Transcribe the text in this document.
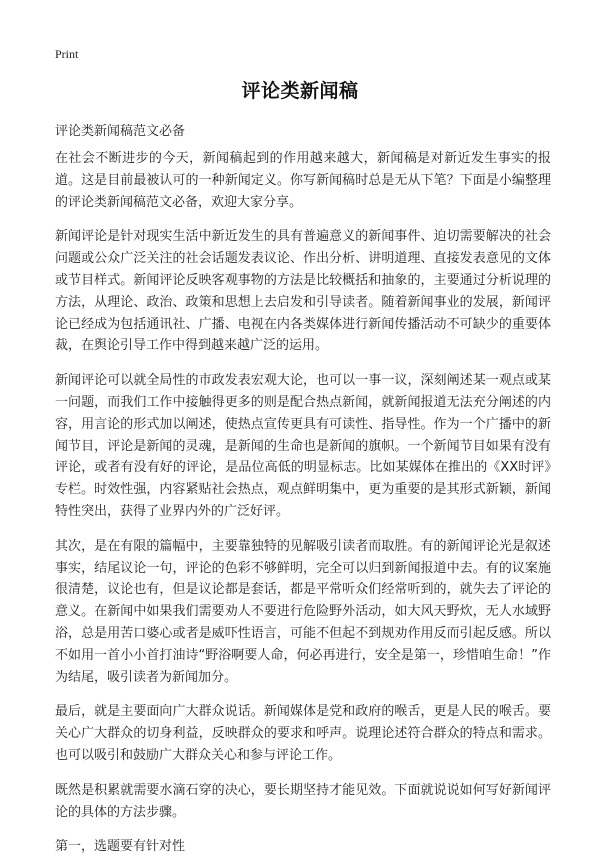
Print
评论类新闻稿

评论类新闻稿范文必备

在社会不断进步的今天，新闻稿起到的作用越来越大，新闻稿是对新近发生事实的报道。这是目前最被认可的一种新闻定义。你写新闻稿时总是无从下笔？下面是小编整理的评论类新闻稿范文必备，欢迎大家分享。

新闻评论是针对现实生活中新近发生的具有普遍意义的新闻事件、迫切需要解决的社会问题或公众广泛关注的社会话题发表议论、作出分析、讲明道理、直接发表意见的文体或节目样式。新闻评论反映客观事物的方法是比较概括和抽象的，主要通过分析说理的方法，从理论、政治、政策和思想上去启发和引导读者。随着新闻事业的发展，新闻评论已经成为包括通讯社、广播、电视在内各类媒体进行新闻传播活动不可缺少的重要体裁，在舆论引导工作中得到越来越广泛的运用。

新闻评论可以就全局性的市政发表宏观大论，也可以一事一议，深刻阐述某一观点或某一问题，而我们工作中接触得更多的则是配合热点新闻，就新闻报道无法充分阐述的内容，用言论的形式加以阐述，使热点宣传更具有可读性、指导性。作为一个广播中的新闻节目，评论是新闻的灵魂，是新闻的生命也是新闻的旗帜。一个新闻节目如果有没有评论，或者有没有好的评论，是品位高低的明显标志。比如某媒体在推出的《XX时评》专栏。时效性强，内容紧贴社会热点，观点鲜明集中，更为重要的是其形式新颖，新闻特性突出，获得了业界内外的广泛好评。

其次，是在有限的篇幅中，主要靠独特的见解吸引读者而取胜。有的新闻评论光是叙述事实，结尾议论一句，评论的色彩不够鲜明，完全可以归到新闻报道中去。有的议案施很清楚，议论也有，但是议论都是套话，都是平常听众们经常听到的，就失去了评论的意义。在新闻中如果我们需要劝人不要进行危险野外活动，如大风天野炊，无人水域野浴，总是用苦口婆心或者是威吓性语言，可能不但起不到规劝作用反而引起反感。所以不如用一首小小首打油诗“野浴啊要人命，何必再进行，安全是第一，珍惜咱生命！”作为结尾，吸引读者为新闻加分。

最后，就是主要面向广大群众说话。新闻媒体是党和政府的喉舌，更是人民的喉舌。要关心广大群众的切身利益，反映群众的要求和呼声。说理论述符合群众的特点和需求。也可以吸引和鼓励广大群众关心和参与评论工作。

既然是积累就需要水滴石穿的决心，要长期坚持才能见效。下面就说说如何写好新闻评论的具体的方法步骤。

第一，选题要有针对性
